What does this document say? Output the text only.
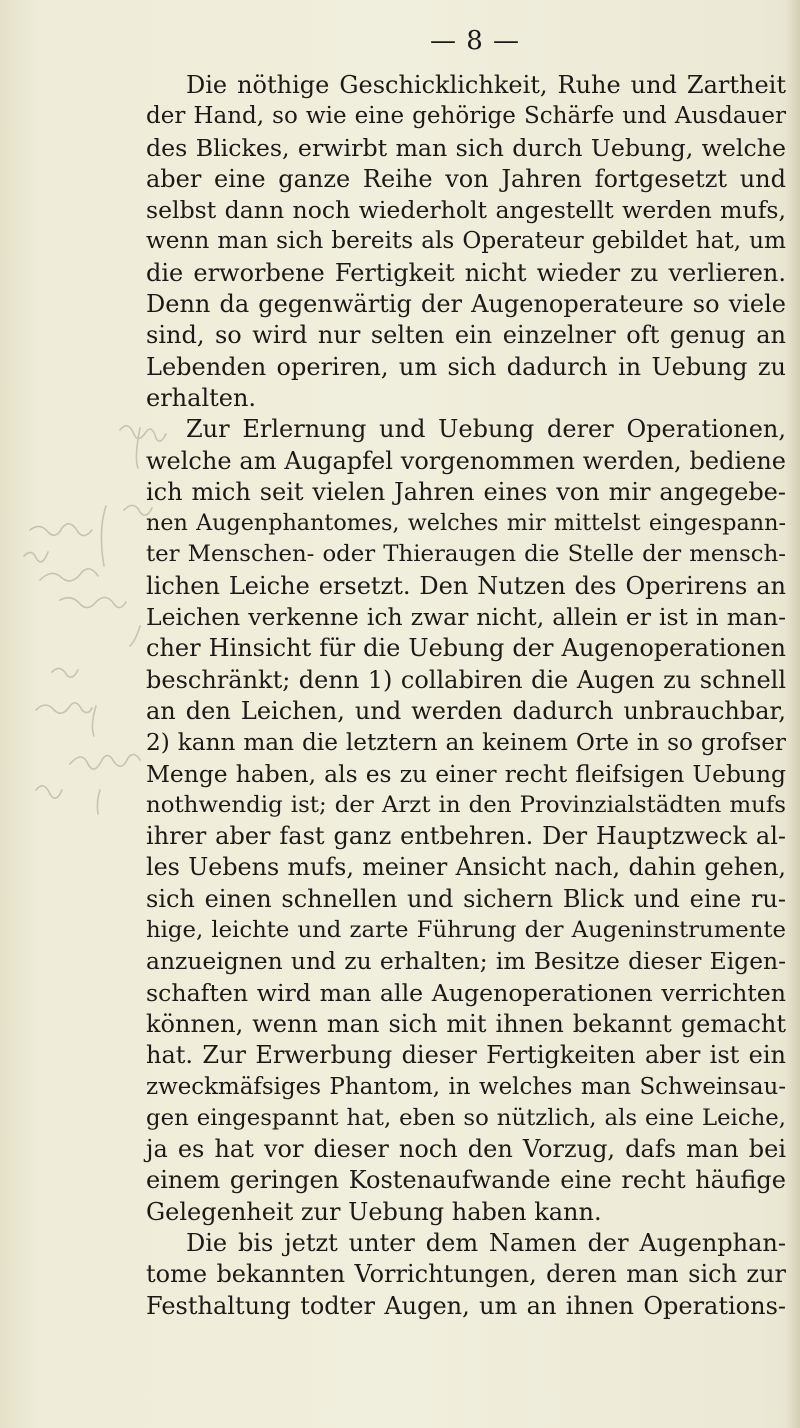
— 8 —
Die nöthige Geschicklichkeit, Ruhe und Zartheit
der Hand, so wie eine gehörige Schärfe und Ausdauer
des Blickes, erwirbt man sich durch Uebung, welche
aber eine ganze Reihe von Jahren fortgesetzt und
selbst dann noch wiederholt angestellt werden mufs,
wenn man sich bereits als Operateur gebildet hat, um
die erworbene Fertigkeit nicht wieder zu verlieren.
Denn da gegenwärtig der Augenoperateure so viele
sind, so wird nur selten ein einzelner oft genug an
Lebenden operiren, um sich dadurch in Uebung zu
erhalten.
Zur Erlernung und Uebung derer Operationen,
welche am Augapfel vorgenommen werden, bediene
ich mich seit vielen Jahren eines von mir angegebe-
nen Augenphantomes, welches mir mittelst eingespann-
ter Menschen- oder Thieraugen die Stelle der mensch-
lichen Leiche ersetzt. Den Nutzen des Operirens an
Leichen verkenne ich zwar nicht, allein er ist in man-
cher Hinsicht für die Uebung der Augenoperationen
beschränkt; denn 1) collabiren die Augen zu schnell
an den Leichen, und werden dadurch unbrauchbar,
2) kann man die letztern an keinem Orte in so grofser
Menge haben, als es zu einer recht fleifsigen Uebung
nothwendig ist; der Arzt in den Provinzialstädten mufs
ihrer aber fast ganz entbehren. Der Hauptzweck al-
les Uebens mufs, meiner Ansicht nach, dahin gehen,
sich einen schnellen und sichern Blick und eine ru-
hige, leichte und zarte Führung der Augeninstrumente
anzueignen und zu erhalten; im Besitze dieser Eigen-
schaften wird man alle Augenoperationen verrichten
können, wenn man sich mit ihnen bekannt gemacht
hat. Zur Erwerbung dieser Fertigkeiten aber ist ein
zweckmäfsiges Phantom, in welches man Schweinsau-
gen eingespannt hat, eben so nützlich, als eine Leiche,
ja es hat vor dieser noch den Vorzug, dafs man bei
einem geringen Kostenaufwande eine recht häufige
Gelegenheit zur Uebung haben kann.
Die bis jetzt unter dem Namen der Augenphan-
tome bekannten Vorrichtungen, deren man sich zur
Festhaltung todter Augen, um an ihnen Operations-
